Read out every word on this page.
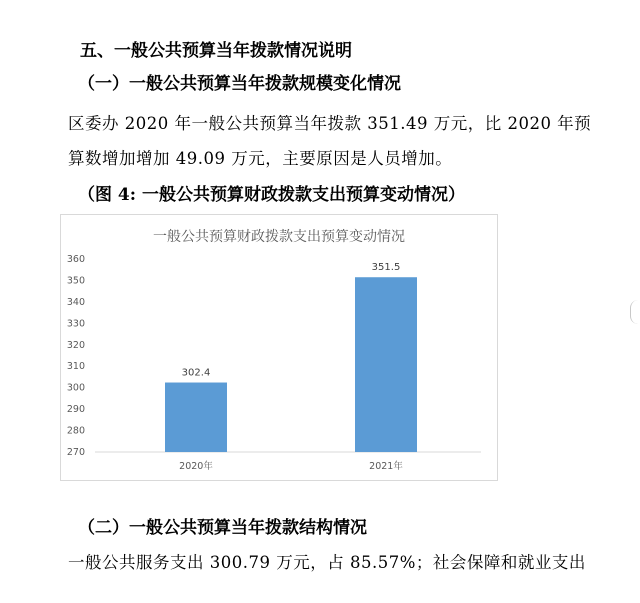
五、一般公共预算当年拨款情况说明
（一）一般公共预算当年拨款规模变化情况
区委办 2020 年一般公共预算当年拨款 351.49 万元，比 2020 年预
算数增加增加 49.09 万元，主要原因是人员增加。
（图 4: 一般公共预算财政拨款支出预算变动情况）
一般公共预算财政拨款支出预算变动情况
270
280
290
300
310
320
330
340
350
360
302.4
2020年
351.5
2021年
（二）一般公共预算当年拨款结构情况
一般公共服务支出 300.79 万元，占 85.57%；社会保障和就业支出
